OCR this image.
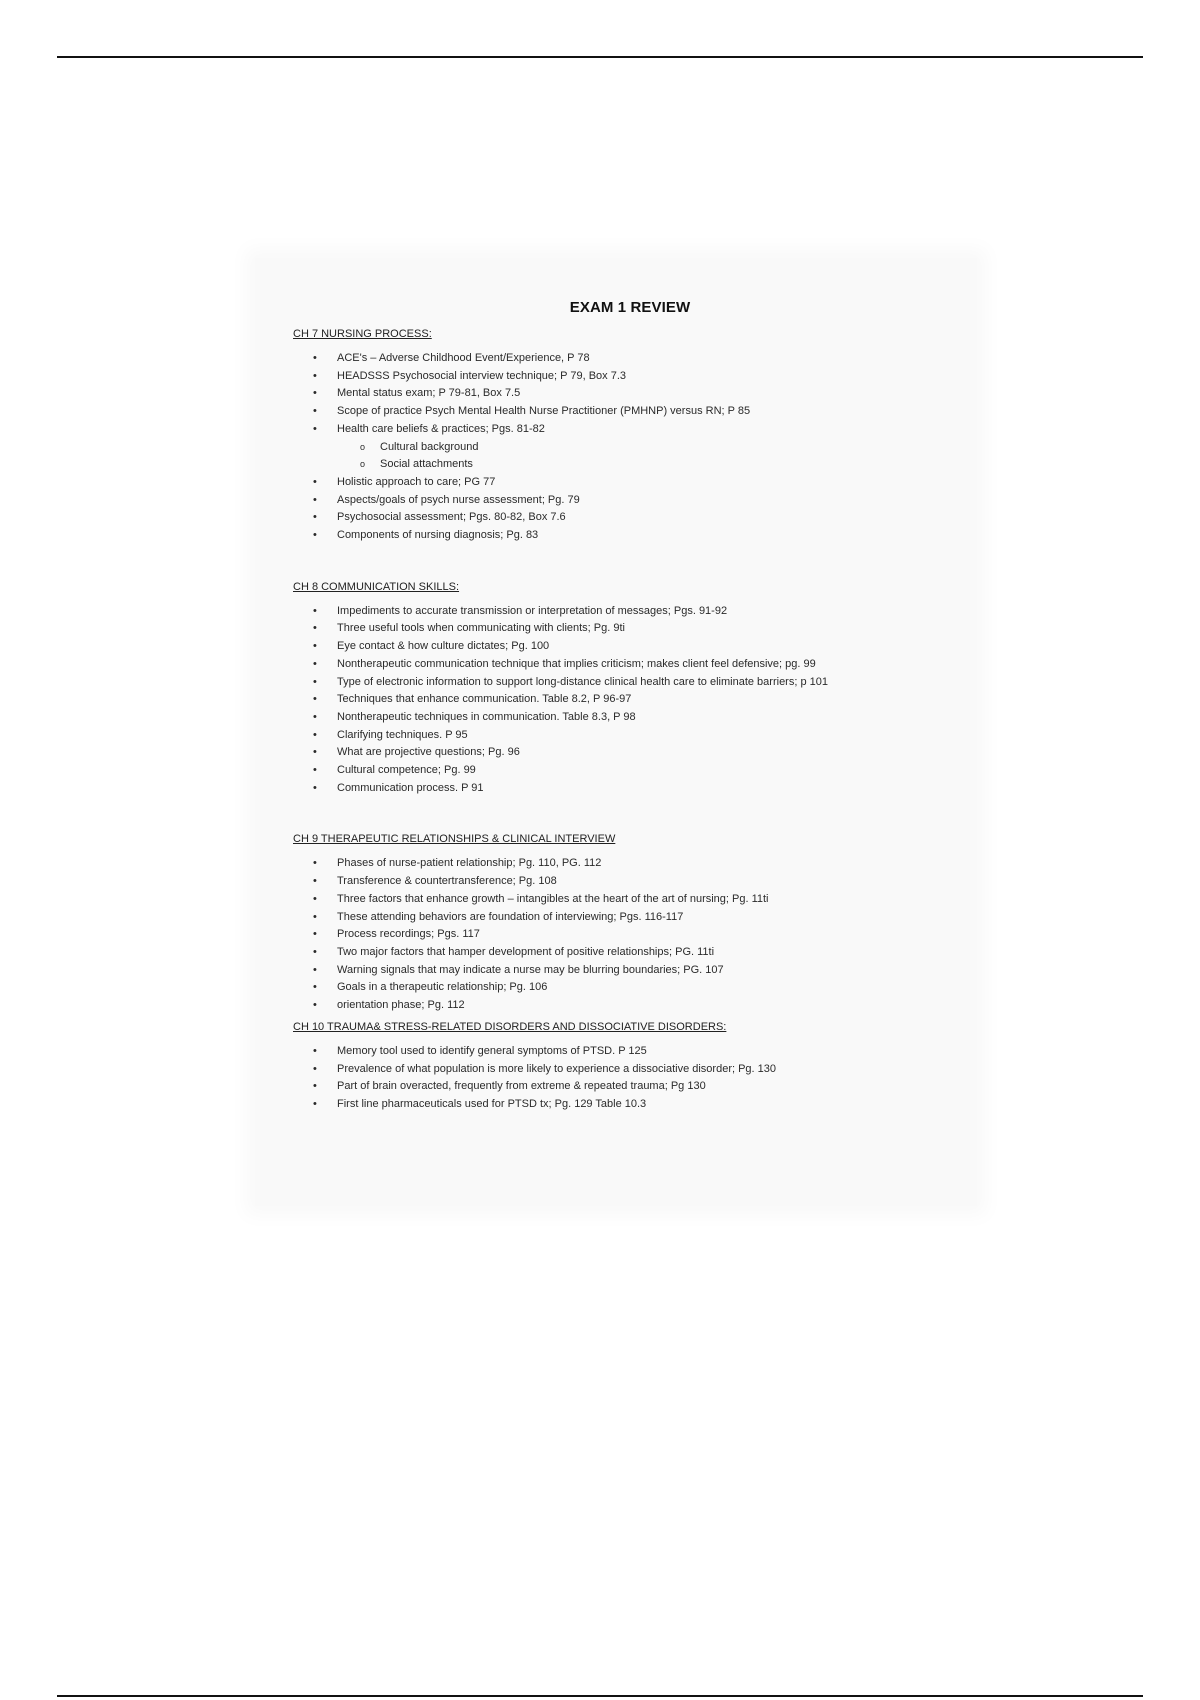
EXAM 1 REVIEW
CH 7 NURSING PROCESS:
• ACE's – Adverse Childhood Event/Experience, P 78
• HEADSSS Psychosocial interview technique; P 79, Box 7.3
• Mental status exam; P 79-81, Box 7.5
• Scope of practice Psych Mental Health Nurse Practitioner (PMHNP) versus RN; P 85
• Health care beliefs & practices; Pgs. 81-82
o Cultural background
o Social attachments
• Holistic approach to care; PG 77
• Aspects/goals of psych nurse assessment; Pg. 79
• Psychosocial assessment; Pgs. 80-82, Box 7.6
• Components of nursing diagnosis; Pg. 83
CH 8 COMMUNICATION SKILLS:
• Impediments to accurate transmission or interpretation of messages; Pgs. 91-92
• Three useful tools when communicating with clients; Pg. 9ti
• Eye contact & how culture dictates; Pg. 100
• Nontherapeutic communication technique that implies criticism; makes client feel defensive; pg. 99
• Type of electronic information to support long-distance clinical health care to eliminate barriers; p 101
• Techniques that enhance communication. Table 8.2, P 96-97
• Nontherapeutic techniques in communication. Table 8.3, P 98
• Clarifying techniques. P 95
• What are projective questions; Pg. 96
• Cultural competence; Pg. 99
• Communication process. P 91
CH 9 THERAPEUTIC RELATIONSHIPS & CLINICAL INTERVIEW
• Phases of nurse-patient relationship; Pg. 110, PG. 112
• Transference & countertransference; Pg. 108
• Three factors that enhance growth – intangibles at the heart of the art of nursing; Pg. 11ti
• These attending behaviors are foundation of interviewing; Pgs. 116-117
• Process recordings; Pgs. 117
• Two major factors that hamper development of positive relationships; PG. 11ti
• Warning signals that may indicate a nurse may be blurring boundaries; PG. 107
• Goals in a therapeutic relationship; Pg. 106
• orientation phase; Pg. 112
CH 10 TRAUMA& STRESS-RELATED DISORDERS AND DISSOCIATIVE DISORDERS:
• Memory tool used to identify general symptoms of PTSD. P 125
• Prevalence of what population is more likely to experience a dissociative disorder; Pg. 130
• Part of brain overacted, frequently from extreme & repeated trauma; Pg 130
• First line pharmaceuticals used for PTSD tx; Pg. 129 Table 10.3
